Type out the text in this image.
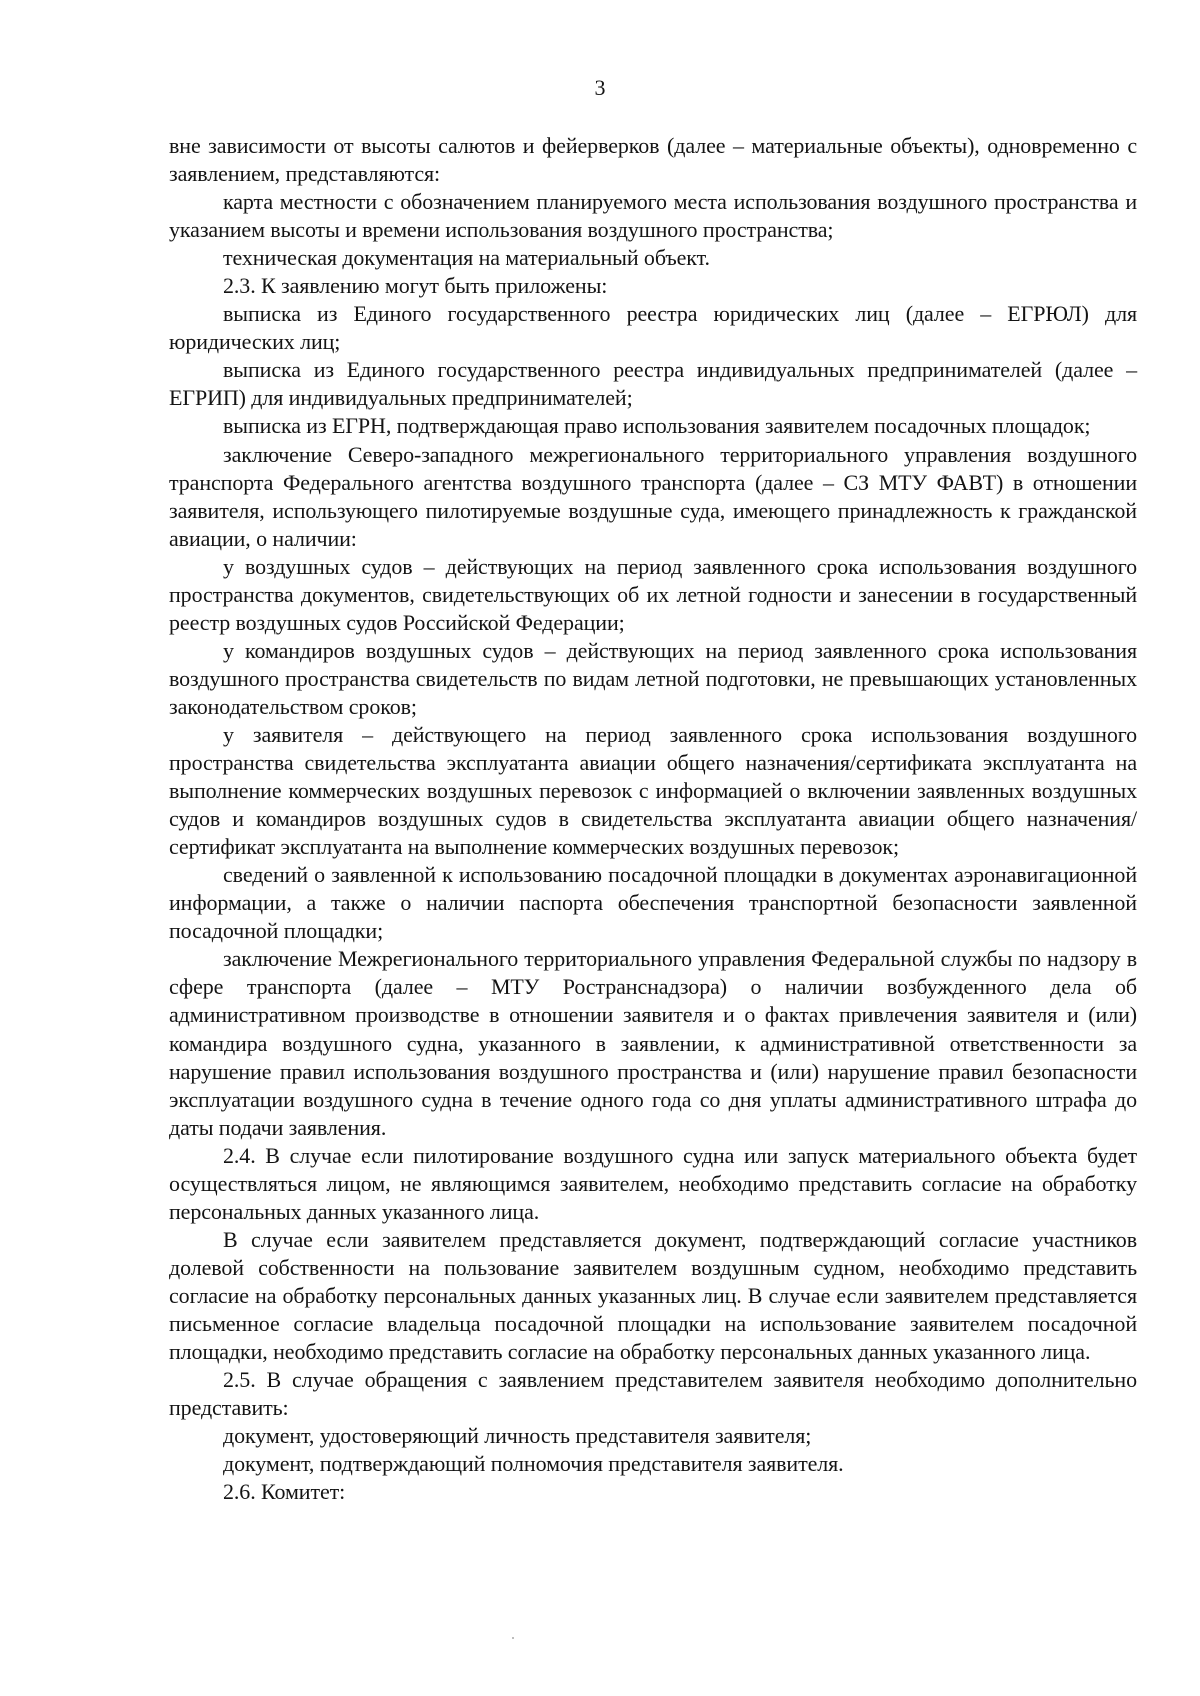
3

вне зависимости от высоты салютов и фейерверков (далее – материальные объекты), одновременно с заявлением, представляются:

карта местности с обозначением планируемого места использования воздушного пространства и указанием высоты и времени использования воздушного пространства;

техническая документация на материальный объект.

2.3. К заявлению могут быть приложены:

выписка из Единого государственного реестра юридических лиц (далее – ЕГРЮЛ) для юридических лиц;

выписка из Единого государственного реестра индивидуальных предпринимателей (далее – ЕГРИП) для индивидуальных предпринимателей;

выписка из ЕГРН, подтверждающая право использования заявителем посадочных площадок;

заключение Северо-западного межрегионального территориального управления воздушного транспорта Федерального агентства воздушного транспорта (далее – СЗ МТУ ФАВТ) в отношении заявителя, использующего пилотируемые воздушные суда, имеющего принадлежность к гражданской авиации, о наличии:

у воздушных судов – действующих на период заявленного срока использования воздушного пространства документов, свидетельствующих об их летной годности и занесении в государственный реестр воздушных судов Российской Федерации;

у командиров воздушных судов – действующих на период заявленного срока использования воздушного пространства свидетельств по видам летной подготовки, не превышающих установленных законодательством сроков;

у заявителя – действующего на период заявленного срока использования воздушного пространства свидетельства эксплуатанта авиации общего назначения/сертификата эксплуатанта на выполнение коммерческих воздушных перевозок с информацией о включении заявленных воздушных судов и командиров воздушных судов в свидетельства эксплуатанта авиации общего назначения/сертификат эксплуатанта на выполнение коммерческих воздушных перевозок;

сведений о заявленной к использованию посадочной площадки в документах аэронавигационной информации, а также о наличии паспорта обеспечения транспортной безопасности заявленной посадочной площадки;

заключение Межрегионального территориального управления Федеральной службы по надзору в сфере транспорта (далее – МТУ Ространснадзора) о наличии возбужденного дела об административном производстве в отношении заявителя и о фактах привлечения заявителя и (или) командира воздушного судна, указанного в заявлении, к административной ответственности за нарушение правил использования воздушного пространства и (или) нарушение правил безопасности эксплуатации воздушного судна в течение одного года со дня уплаты административного штрафа до даты подачи заявления.

2.4. В случае если пилотирование воздушного судна или запуск материального объекта будет осуществляться лицом, не являющимся заявителем, необходимо представить согласие на обработку персональных данных указанного лица.

В случае если заявителем представляется документ, подтверждающий согласие участников долевой собственности на пользование заявителем воздушным судном, необходимо представить согласие на обработку персональных данных указанных лиц. В случае если заявителем представляется письменное согласие владельца посадочной площадки на использование заявителем посадочной площадки, необходимо представить согласие на обработку персональных данных указанного лица.

2.5. В случае обращения с заявлением представителем заявителя необходимо дополнительно представить:

документ, удостоверяющий личность представителя заявителя;

документ, подтверждающий полномочия представителя заявителя.

2.6. Комитет:
